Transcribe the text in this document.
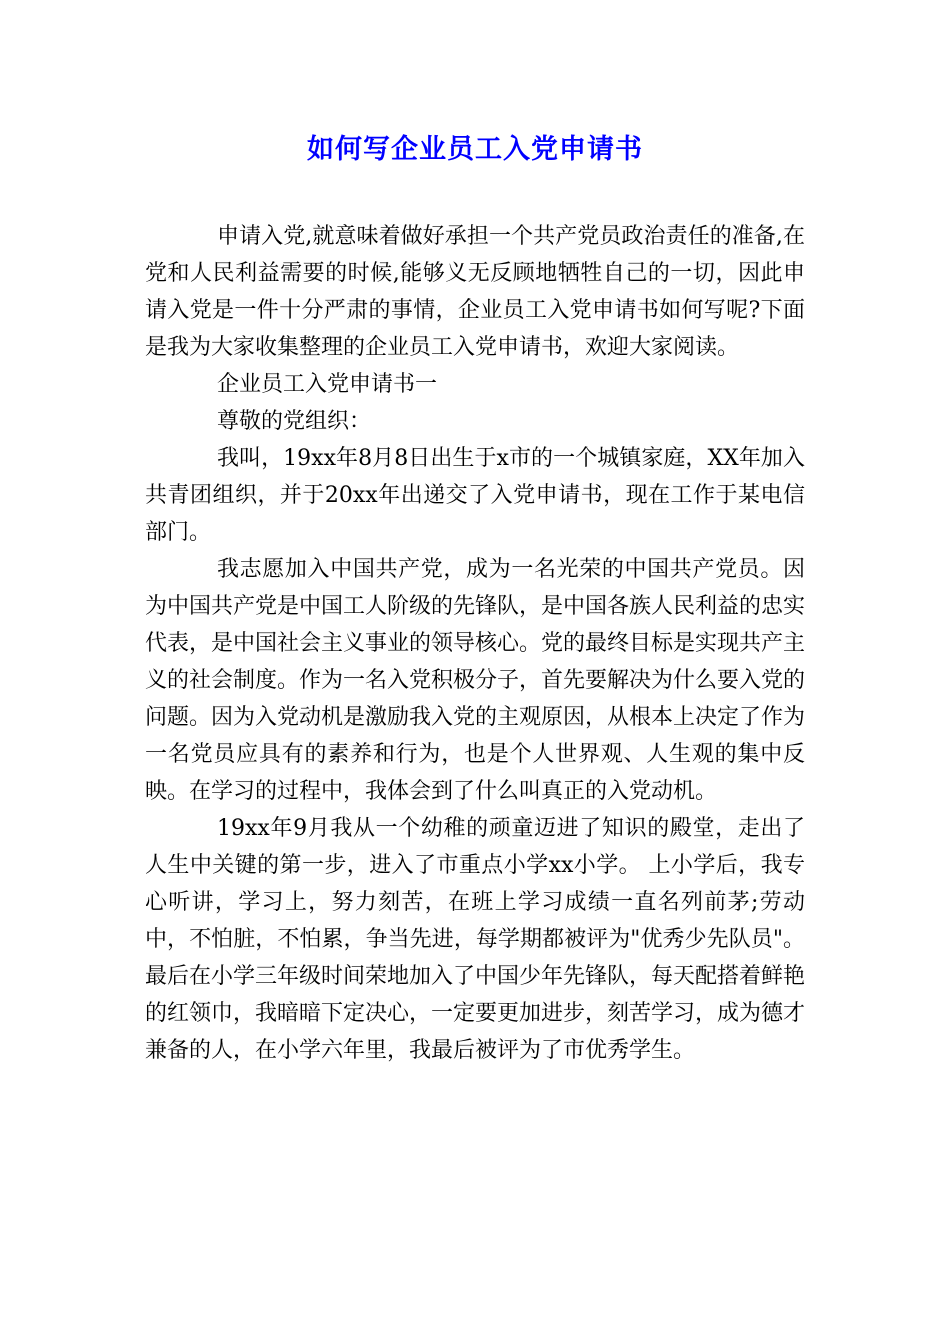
如何写企业员工入党申请书

申请入党,就意味着做好承担一个共产党员政治责任的准备,在党和人民利益需要的时候,能够义无反顾地牺牲自己的一切，因此申请入党是一件十分严肃的事情，企业员工入党申请书如何写呢?下面是我为大家收集整理的企业员工入党申请书，欢迎大家阅读。

企业员工入党申请书一

尊敬的党组织：

我叫，19xx年8月8日出生于x市的一个城镇家庭，XX年加入共青团组织，并于20xx年出递交了入党申请书，现在工作于某电信部门。

我志愿加入中国共产党，成为一名光荣的中国共产党员。因为中国共产党是中国工人阶级的先锋队，是中国各族人民利益的忠实代表，是中国社会主义事业的领导核心。党的最终目标是实现共产主义的社会制度。作为一名入党积极分子，首先要解决为什么要入党的问题。因为入党动机是激励我入党的主观原因，从根本上决定了作为一名党员应具有的素养和行为，也是个人世界观、人生观的集中反映。在学习的过程中，我体会到了什么叫真正的入党动机。

19xx年9月我从一个幼稚的顽童迈进了知识的殿堂，走出了人生中关键的第一步，进入了市重点小学xx小学。 上小学后，我专心听讲，学习上，努力刻苦，在班上学习成绩一直名列前茅;劳动中，不怕脏，不怕累，争当先进，每学期都被评为"优秀少先队员"。最后在小学三年级时间荣地加入了中国少年先锋队，每天配搭着鲜艳的红领巾，我暗暗下定决心，一定要更加进步，刻苦学习，成为德才兼备的人，在小学六年里，我最后被评为了市优秀学生。
